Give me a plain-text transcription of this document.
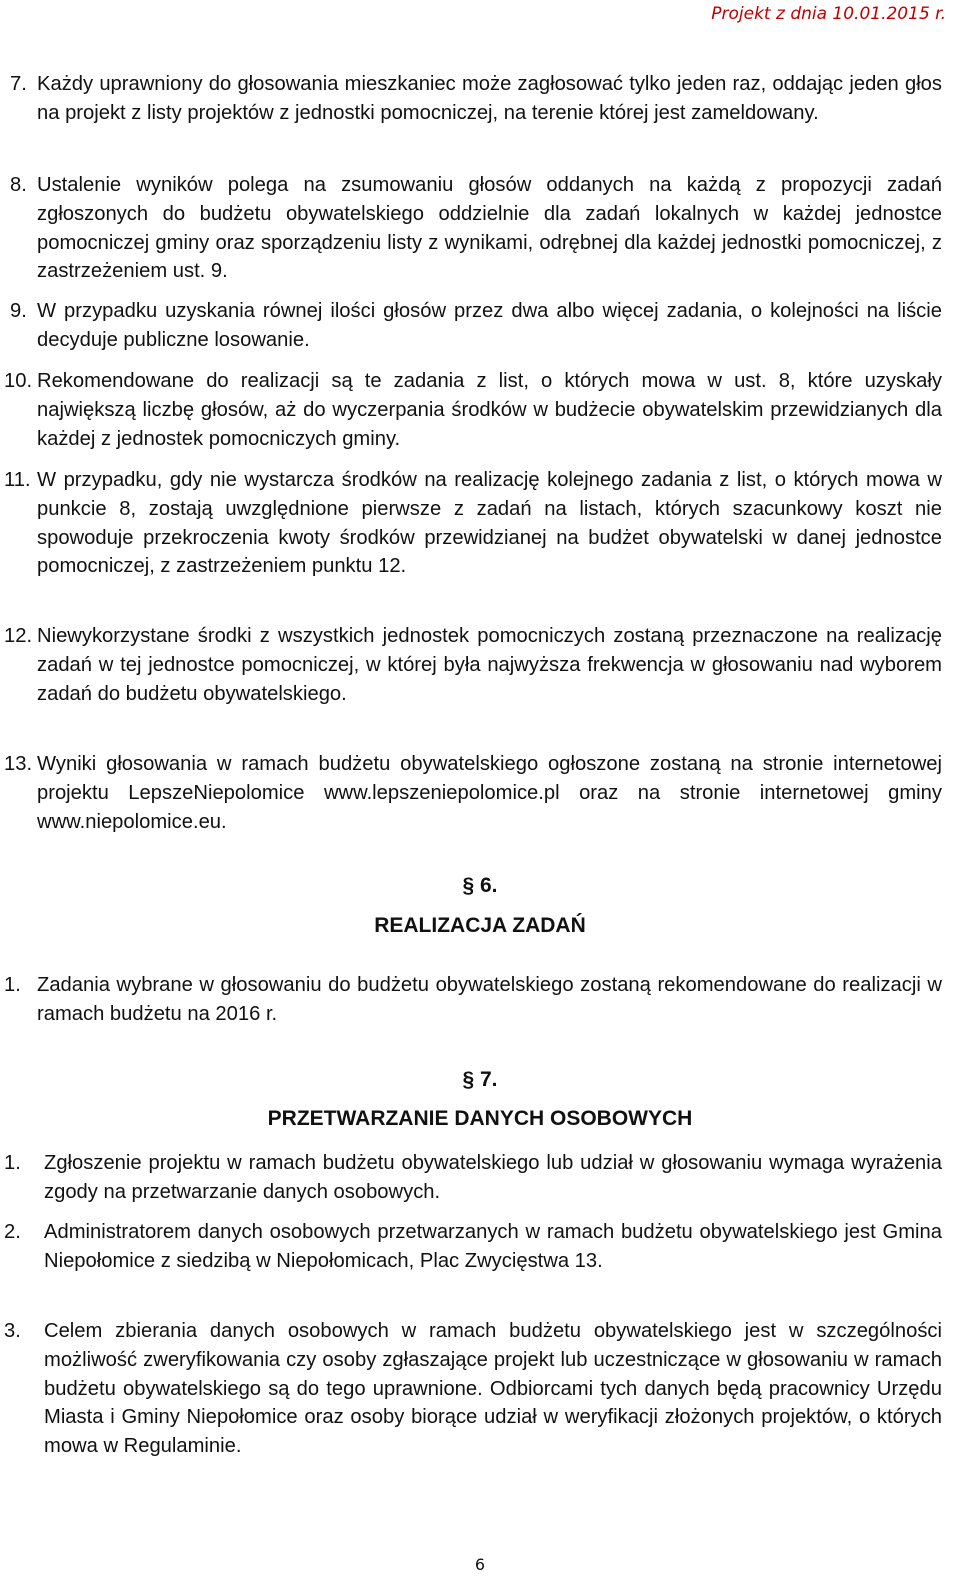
Projekt z dnia 10.01.2015 r.
7. Każdy uprawniony do głosowania mieszkaniec może zagłosować tylko jeden raz, oddając jeden głos na projekt z listy projektów z jednostki pomocniczej, na terenie której jest zameldowany.
8. Ustalenie wyników polega na zsumowaniu głosów oddanych na każdą z propozycji zadań zgłoszonych do budżetu obywatelskiego oddzielnie dla zadań lokalnych w każdej jednostce pomocniczej gminy oraz sporządzeniu listy z wynikami, odrębnej dla każdej jednostki pomocniczej, z zastrzeżeniem ust. 9.
9. W przypadku uzyskania równej ilości głosów przez dwa albo więcej zadania, o kolejności na liście decyduje publiczne losowanie.
10. Rekomendowane do realizacji są te zadania z list, o których mowa w ust. 8, które uzyskały największą liczbę głosów, aż do wyczerpania środków w budżecie obywatelskim przewidzianych dla każdej z jednostek pomocniczych gminy.
11. W przypadku, gdy nie wystarcza środków na realizację kolejnego zadania z list, o których mowa w punkcie 8, zostają uwzględnione pierwsze z zadań na listach, których szacunkowy koszt nie spowoduje przekroczenia kwoty środków przewidzianej na budżet obywatelski w danej jednostce pomocniczej, z zastrzeżeniem punktu 12.
12. Niewykorzystane środki z wszystkich jednostek pomocniczych zostaną przeznaczone na realizację zadań w tej jednostce pomocniczej, w której była najwyższa frekwencja w głosowaniu nad wyborem zadań do budżetu obywatelskiego.
13. Wyniki głosowania w ramach budżetu obywatelskiego ogłoszone zostaną na stronie internetowej projektu LepszeNiepolomice www.lepszeniepolomice.pl oraz na stronie internetowej gminy www.niepolomice.eu.
§ 6.
REALIZACJA ZADAŃ
1. Zadania wybrane w głosowaniu do budżetu obywatelskiego zostaną rekomendowane do realizacji w ramach budżetu na 2016 r.
§ 7.
PRZETWARZANIE DANYCH OSOBOWYCH
1. Zgłoszenie projektu w ramach budżetu obywatelskiego lub udział w głosowaniu wymaga wyrażenia zgody na przetwarzanie danych osobowych.
2. Administratorem danych osobowych przetwarzanych w ramach budżetu obywatelskiego jest Gmina Niepołomice z siedzibą w Niepołomicach, Plac Zwycięstwa 13.
3. Celem zbierania danych osobowych w ramach budżetu obywatelskiego jest w szczególności możliwość zweryfikowania czy osoby zgłaszające projekt lub uczestniczące w głosowaniu w ramach budżetu obywatelskiego są do tego uprawnione. Odbiorcami tych danych będą pracownicy Urzędu Miasta i Gminy Niepołomice oraz osoby biorące udział w weryfikacji złożonych projektów, o których mowa w Regulaminie.
6
